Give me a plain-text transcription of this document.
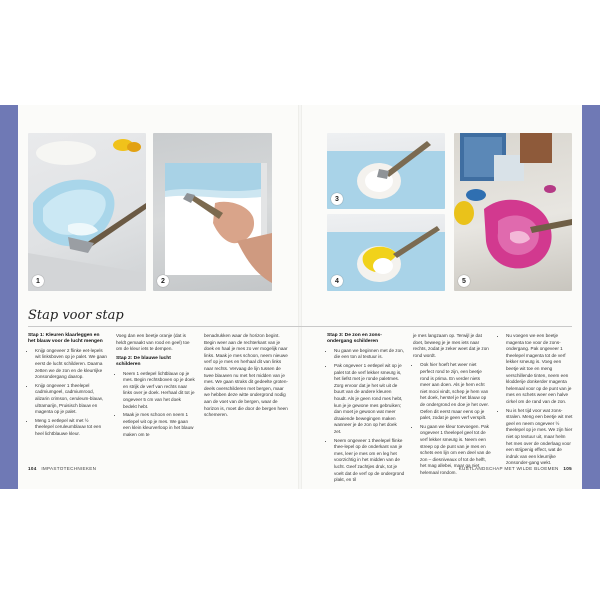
1	2
3
4	5
Stap voor stap
Stap 1: Kleuren klaarleggen en het blauw voor de lucht mengen
• Knijp ongeveer 2 flinke eet-lepels wit linksboven op je palet. We gaan eerst de lucht schilderen. Daarna zetten we de zon en de kleurrijke zonsondergang daarop.
• Knijp ongeveer 1 theelepel cadmiumgeel, cadmiumrood, alizarin crimson, ceruleum-blauw, ultramarijn, Pruisisch blauw en magenta op je palet.
• Meng 1 eetlepel wit met ½ theelepel ceruleumblauw tot een heel lichtblauwe kleur.

Voeg dan een beetje oranje (dat is heldt gemaakt van rood en geel) toe om de kleur iets te dempen.

Stap 2: De blauwe lucht schilderen
• Neem 1 eetlepel lichtblauw op je mes. Begin rechtsboven op je doek en strijk de verf van rechts naar links over je doek. Herhaal dit tot je ongeveer 5 cm van het doek bedekt hebt.
• Maak je mes schoon en neem 1 eetlepel wit op je mes. We gaan een klein kleurverloop in het blauw maken om te

benadrukken waar de horizon begint. Begin weer aan de rechterkant van je doek en haal je mes zo ver mogelijk naar links. Maak je mes schoon, neem nieuwe verf op je mes en herhaal dit van links naar rechts. Vervaag de lijn tussen de twee blauwen nu met het midden van je mes. We gaan straks dit gedeelte groten-deels overschilderen met bergen, maar we hebben deze witte ondergrond nodig aan de voet van de bergen, waar de horizon is, moet die door de bergen heen schemeren.

Stap 3: De zon en zons-ondergang schilderen
• Nu gaan we beginnen met de zon, die een ton al textuur is.
• Pak ongeveer 1 eetlepel wit op je palet tot de verf lekker smeuïg is, het liefst met je ronde paletmes. Zorg ervoor dat je het wit uit de buurt van de andere kleuren houdt. Als je geen rond mes hebt, kun je je gewone mes gebruiken; dan moet je gewoon wat meer draaiende bewegingen maken wanneer je de zon op het doek zet.
• Neem ongeveer 1 theelepel flinke thee-lepel op de onderkant van je mes, leer je mes om en leg het voorzichtig in het midden van de lucht. Geef zachtjes druk, tot je voelt dat de verf op de ondergrond plakt, en til

je mes langzaam op. Terwijl je dat doet, beweeg je je mes iets naar rechts, zodat je zeker weet dat je zon rond wordt.

• Ook hier hoeft het weer niet perfect rond te zijn, een beetje rond is prima. En verder niets meer aan doen. Als je hem echt niet mooi vindt, schep je hem van het doek, herstel je het blauw op de ondergrond en doe je het over. Oefen dit eerst maar eens op je palet, zodat je geen verf verspilt.
• Nu gaan we kleur toevoegen. Pak ongeveer 1 theelepel geel tot de verf lekker smeuïg is. Neem een streep op de punt van je mes en schets een lijn om een deel van de zon – diesniveaux of tot de helft, het mag allebei, maar ga niet helemaal rondom.
• Nu voegen we een beetje magenta toe voor de zons-ondergang. Pak ongeveer 1 theelepel magenta tot de verf lekker smeuïg is. Voeg een beetje wit toe en meng verschillende tinten, neem een klodderije donkerder magenta helemaal voor op de punt van je mes en schets weer een halve cirkel om de rand van de zon.
• Nu is het tijd voor wat zons-stralen. Meng een beetje wit met geel en neem ongeveer ½ theelepel op je mes. We zijn hier niet op textuur uit, maar helm het mes over de onderlaag voor een strijpenig effect, wat de indruk van een kleurrijke zonsonder-gang wekt.
104 IMPASTOTECHNIEKEN	KUSTLANDSCHAP MET WILDE BLOEMEN 105
